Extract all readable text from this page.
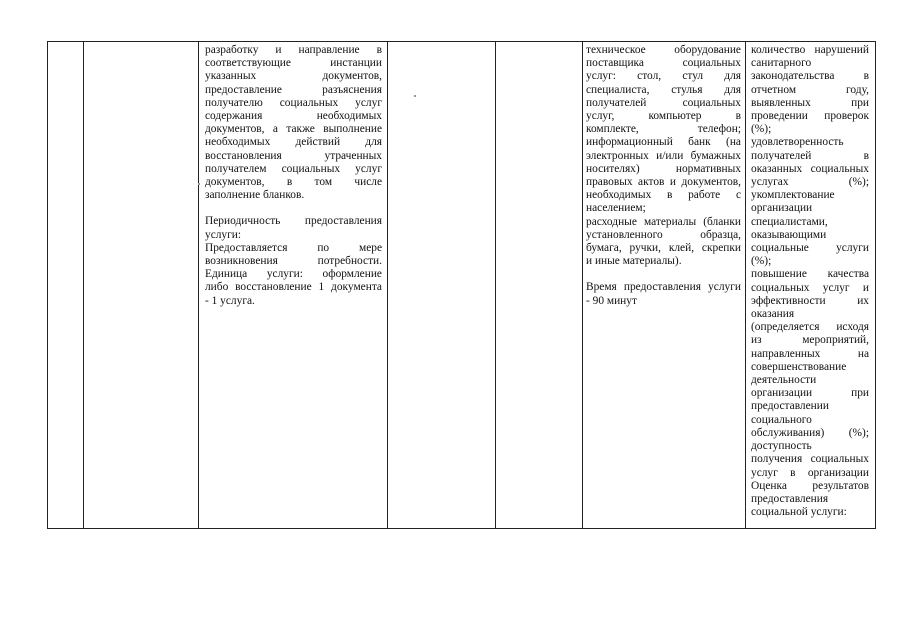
разработку и направление в
соответствующие инстанции
указанных документов,
предоставление разъяснения
получателю социальных услуг
содержания необходимых
документов, а также выполнение
необходимых действий для
восстановления утраченных
получателем социальных услуг
документов, в том числе
заполнение бланков.
Периодичность предоставления
услуги:
Предоставляется по мере
возникновения потребности.
Единица услуги: оформление
либо восстановление 1 документа
- 1 услуга.
техническое оборудование
поставщика социальных
услуг: стол, стул для
специалиста, стулья для
получателей социальных
услуг, компьютер в
комплекте, телефон;
информационный банк (на
электронных и/или бумажных
носителях) нормативных
правовых актов и документов,
необходимых в работе с
населением;
расходные материалы (бланки
установленного образца,
бумага, ручки, клей, скрепки
и иные материалы).
Время предоставления услуги
- 90 минут
количество нарушений
санитарного
законодательства в
отчетном году,
выявленных при
проведении проверок
(%);
удовлетворенность
получателей в
оказанных социальных
услугах (%);
укомплектование
организации
специалистами,
оказывающими
социальные услуги
(%);
повышение качества
социальных услуг и
эффективности их
оказания
(определяется исходя
из мероприятий,
направленных на
совершенствование
деятельности
организации при
предоставлении
социального
обслуживания) (%);
доступность
получения социальных
услуг в организации
Оценка результатов
предоставления
социальной услуги:
